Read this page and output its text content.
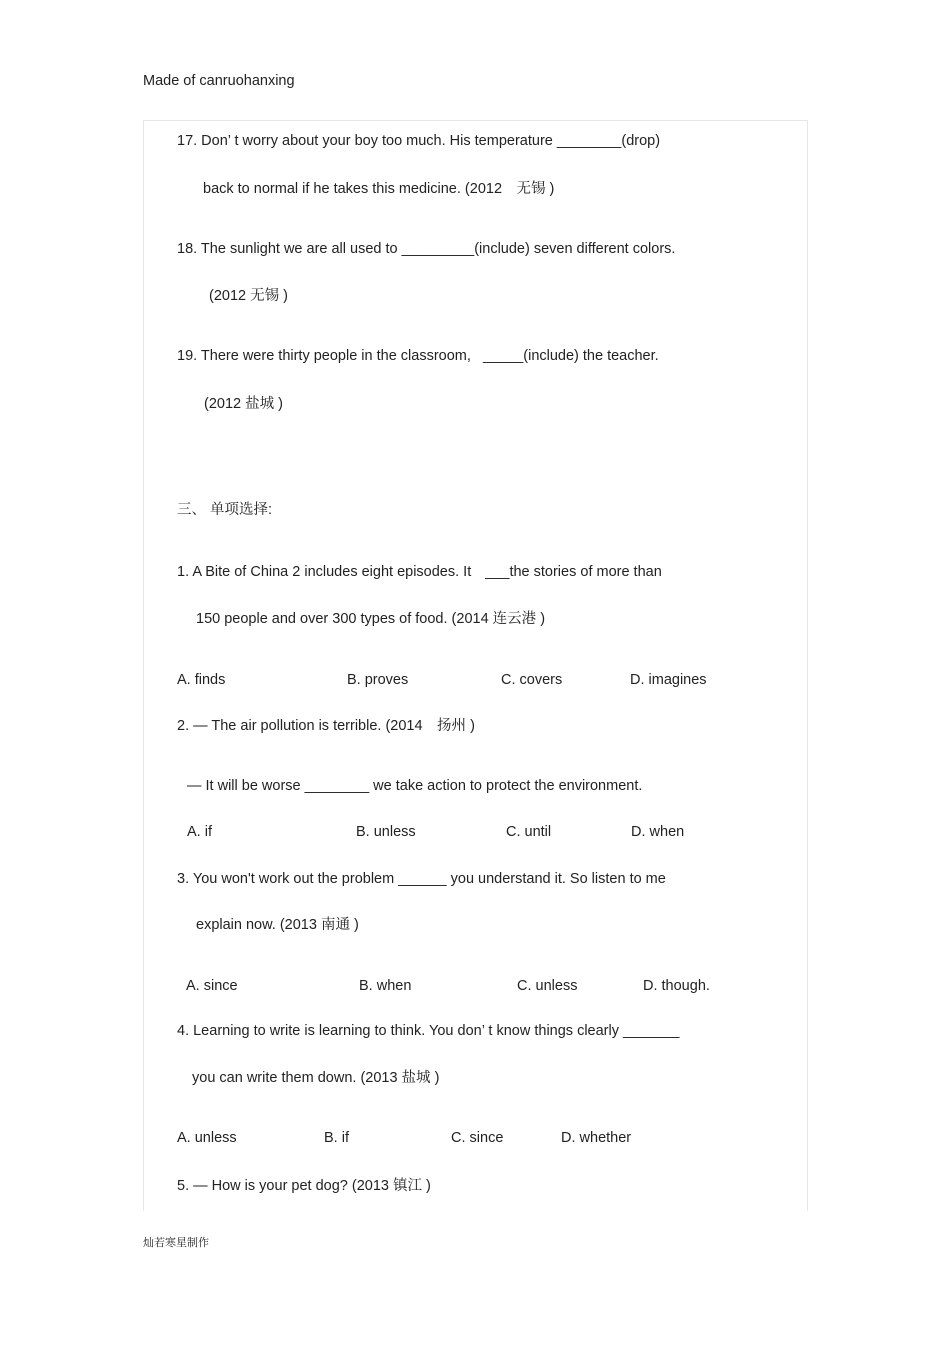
Made of canruohanxing
17. Don’ t worry about your boy too much. His temperature ________(drop)
back to normal if he takes this medicine. (2012　无锡 )
18. The sunlight we are all used to _________(include) seven different colors.
(2012 无锡 )
19. There were thirty people in the classroom, _____(include) the teacher.
(2012 盐城 )
三、 单项选择:
1. A Bite of China 2 includes eight episodes. It ___the stories of more than
150 people and over 300 types of food. (2014 连云港 )
A. finds	B. proves	C. covers	D. imagines
2. — The air pollution is terrible. (2014　扬州 )
— It will be worse ________ we take action to protect the environment.
A. if	B. unless	C. until	D. when
3. You won't work out the problem ______ you understand it. So listen to me
explain now. (2013 南通 )
A. since	B. when	C. unless	D. though.
4. Learning to write is learning to think. You don’ t know things clearly _______
you can write them down. (2013 盐城 )
A. unless	B. if	C. since	D. whether
5. — How is your pet dog? (2013 镇江 )
灿若寒星制作
